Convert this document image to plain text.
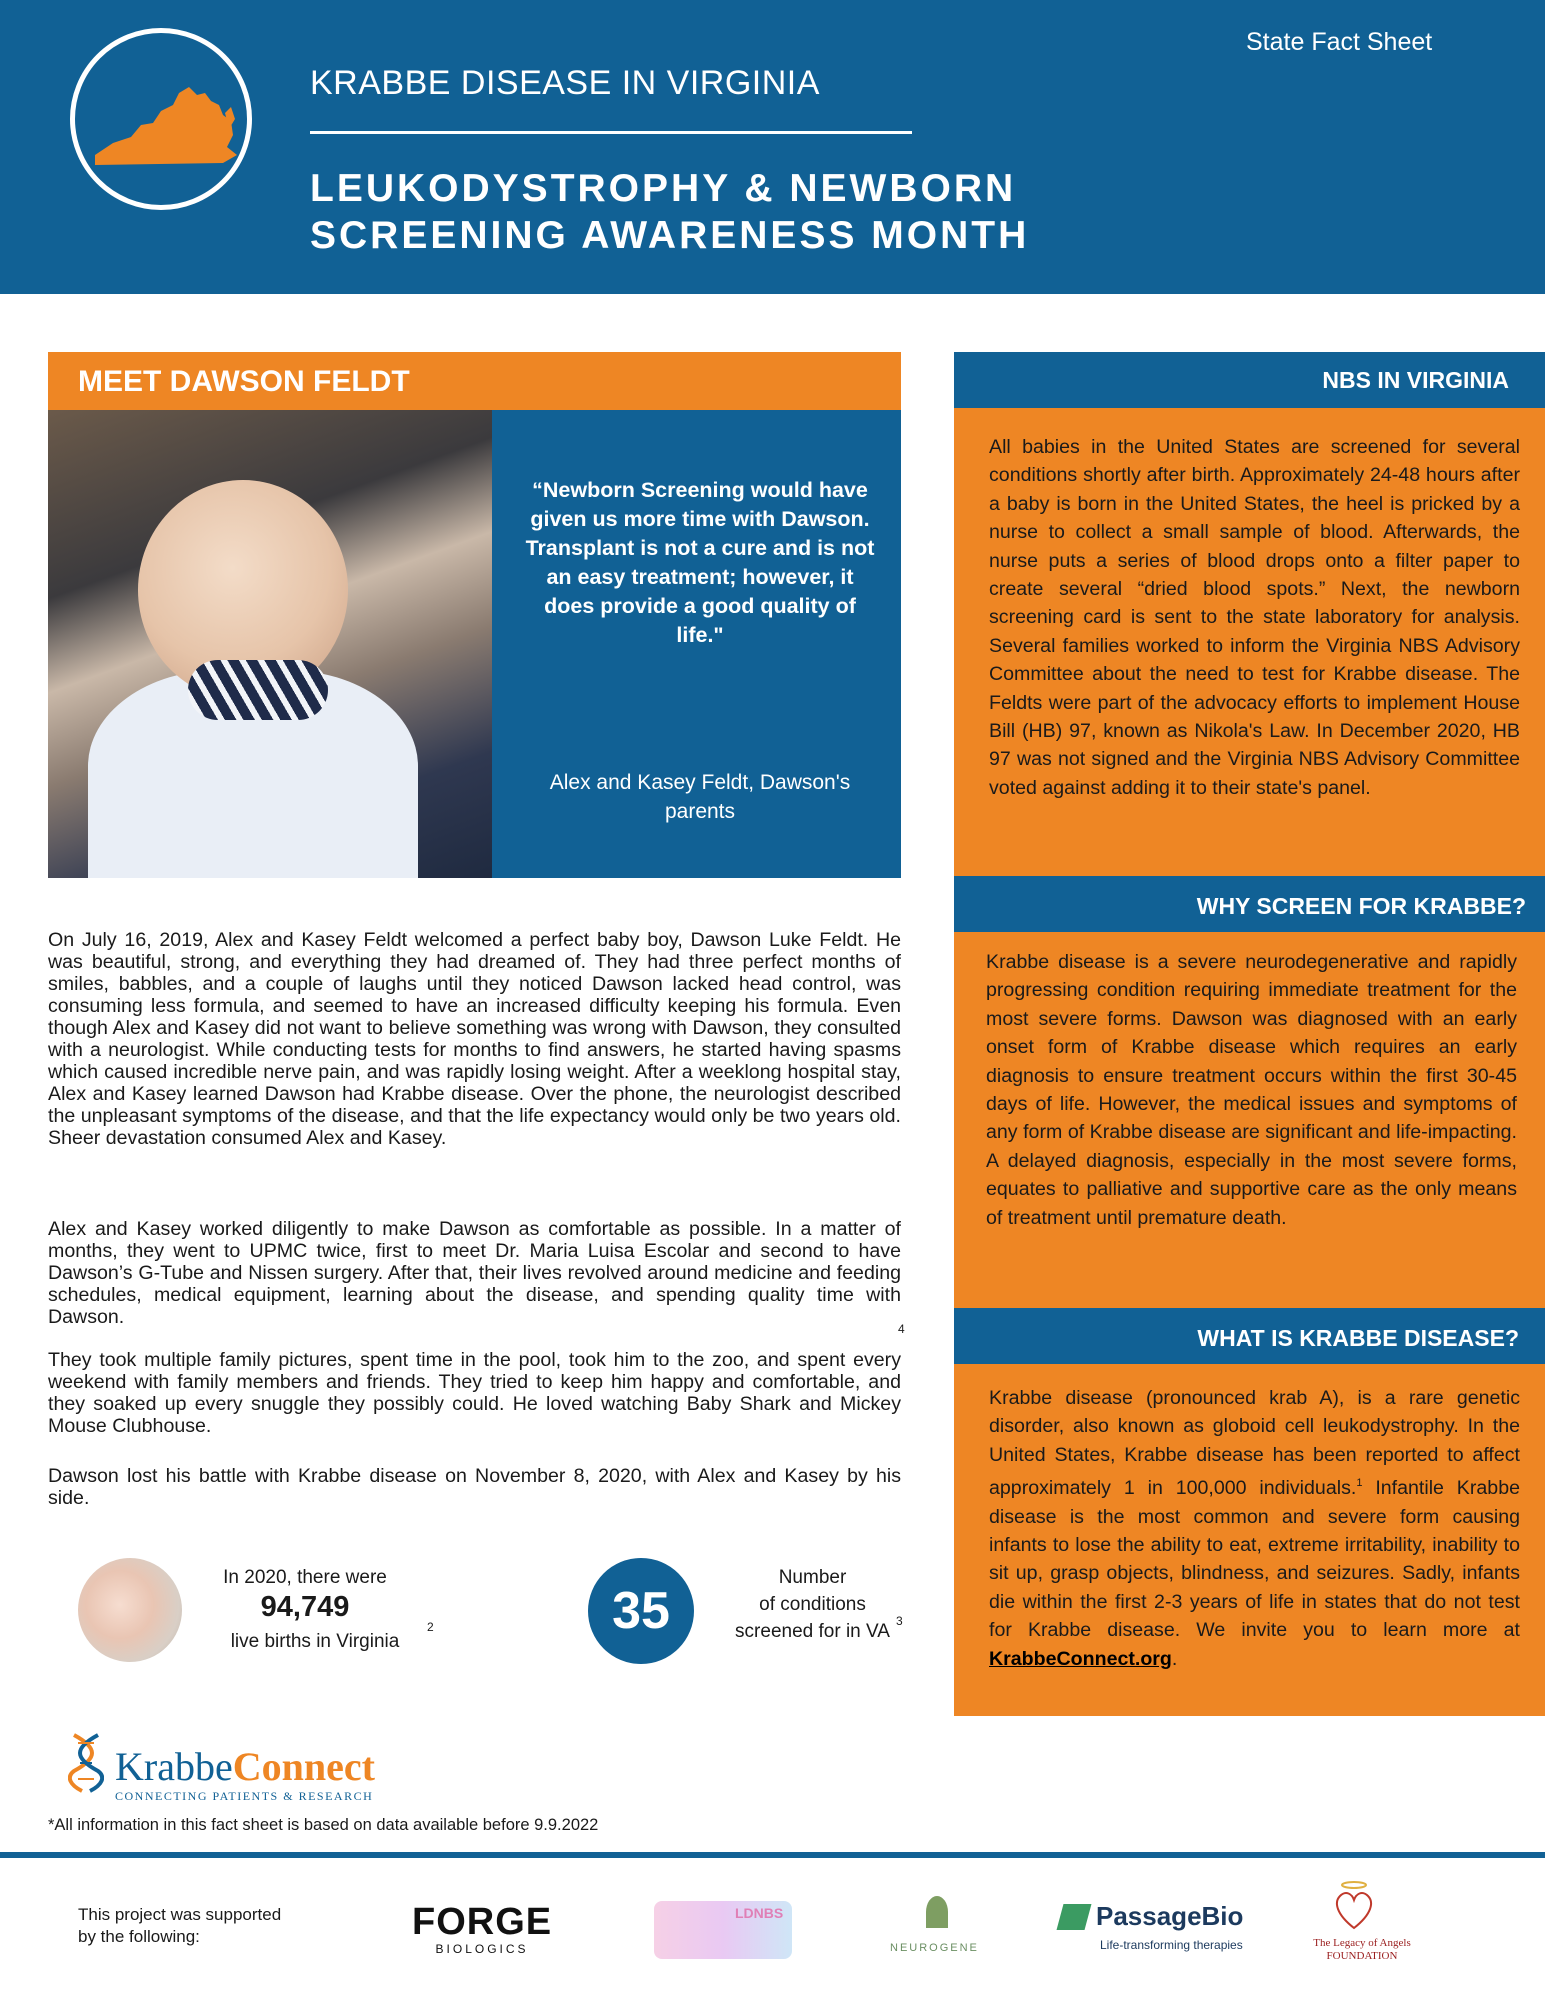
State Fact Sheet
KRABBE DISEASE IN VIRGINIA
LEUKODYSTROPHY & NEWBORN
SCREENING AWARENESS MONTH
MEET DAWSON FELDT
“Newborn Screening would have given us more time with Dawson. Transplant is not a cure and is not an easy treatment; however, it does provide a good quality of life."
Alex and Kasey Feldt, Dawson's parents
On July 16, 2019, Alex and Kasey Feldt welcomed a perfect baby boy, Dawson Luke Feldt. He was beautiful, strong, and everything they had dreamed of. They had three perfect months of smiles, babbles, and a couple of laughs until they noticed Dawson lacked head control, was consuming less formula, and seemed to have an increased difficulty keeping his formula. Even though Alex and Kasey did not want to believe something was wrong with Dawson, they consulted with a neurologist. While conducting tests for months to find answers, he started having spasms which caused incredible nerve pain, and was rapidly losing weight. After a weeklong hospital stay, Alex and Kasey learned Dawson had Krabbe disease. Over the phone, the neurologist described the unpleasant symptoms of the disease, and that the life expectancy would only be two years old. Sheer devastation consumed Alex and Kasey.
Alex and Kasey worked diligently to make Dawson as comfortable as possible. In a matter of months, they went to UPMC twice, first to meet Dr. Maria Luisa Escolar and second to have Dawson’s G-Tube and Nissen surgery. After that, their lives revolved around medicine and feeding schedules, medical equipment, learning about the disease, and spending quality time with Dawson.
4
They took multiple family pictures, spent time in the pool, took him to the zoo, and spent every weekend with family members and friends. They tried to keep him happy and comfortable, and they soaked up every snuggle they possibly could. He loved watching Baby Shark and Mickey Mouse Clubhouse.
Dawson lost his battle with Krabbe disease on November 8, 2020, with Alex and Kasey by his side.
In 2020, there were
94,749
live births in Virginia
2	35
Number
of conditions
screened for in VA 3
KrabbeConnect
CONNECTING PATIENTS & RESEARCH
*All information in this fact sheet is based on data available before 9.9.2022
NBS IN VIRGINIA
All babies in the United States are screened for several conditions shortly after birth. Approximately 24-48 hours after a baby is born in the United States, the heel is pricked by a nurse to collect a small sample of blood. Afterwards, the nurse puts a series of blood drops onto a filter paper to create several “dried blood spots.” Next, the newborn screening card is sent to the state laboratory for analysis. Several families worked to inform the Virginia NBS Advisory Committee about the need to test for Krabbe disease. The Feldts were part of the advocacy efforts to implement House Bill (HB) 97, known as Nikola's Law. In December 2020, HB 97 was not signed and the Virginia NBS Advisory Committee voted against adding it to their state's panel.
WHY SCREEN FOR KRABBE?
Krabbe disease is a severe neurodegenerative and rapidly progressing condition requiring immediate treatment for the most severe forms. Dawson was diagnosed with an early onset form of Krabbe disease which requires an early diagnosis to ensure treatment occurs within the first 30-45 days of life. However, the medical issues and symptoms of any form of Krabbe disease are significant and life-impacting. A delayed diagnosis, especially in the most severe forms, equates to palliative and supportive care as the only means of treatment until premature death.
WHAT IS KRABBE DISEASE?
Krabbe disease (pronounced krab A), is a rare genetic disorder, also known as globoid cell leukodystrophy. In the United States, Krabbe disease has been reported to affect approximately 1 in 100,000 individuals.$^1$ Infantile Krabbe disease is the most common and severe form causing infants to lose the ability to eat, extreme irritability, inability to sit up, grasp objects, blindness, and seizures. Sadly, infants die within the first 2-3 years of life in states that do not test for Krabbe disease. We invite you to learn more at KrabbeConnect.org.
This project was supported
by the following:	FORGE
BIOLOGICS
LDNBS
NEUROGENE
PassageBio
Life-transforming therapies	The Legacy of Angels
FOUNDATION
